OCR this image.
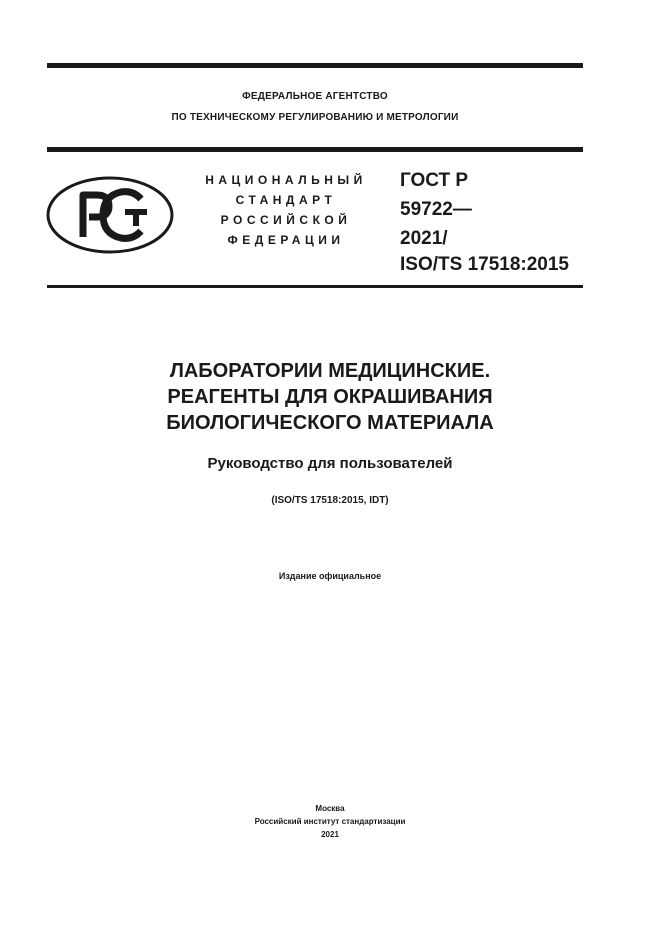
ФЕДЕРАЛЬНОЕ АГЕНТСТВО
ПО ТЕХНИЧЕСКОМУ РЕГУЛИРОВАНИЮ И МЕТРОЛОГИИ
НАЦИОНАЛЬНЫЙ
СТАНДАРТ
РОССИЙСКОЙ
ФЕДЕРАЦИИ
ГОСТ Р
59722—
2021/
ISO/TS 17518:2015
ЛАБОРАТОРИИ МЕДИЦИНСКИЕ.
РЕАГЕНТЫ ДЛЯ ОКРАШИВАНИЯ
БИОЛОГИЧЕСКОГО МАТЕРИАЛА
Руководство для пользователей
(ISO/TS 17518:2015, IDT)
Издание официальное
Москва
Российский институт стандартизации
2021
